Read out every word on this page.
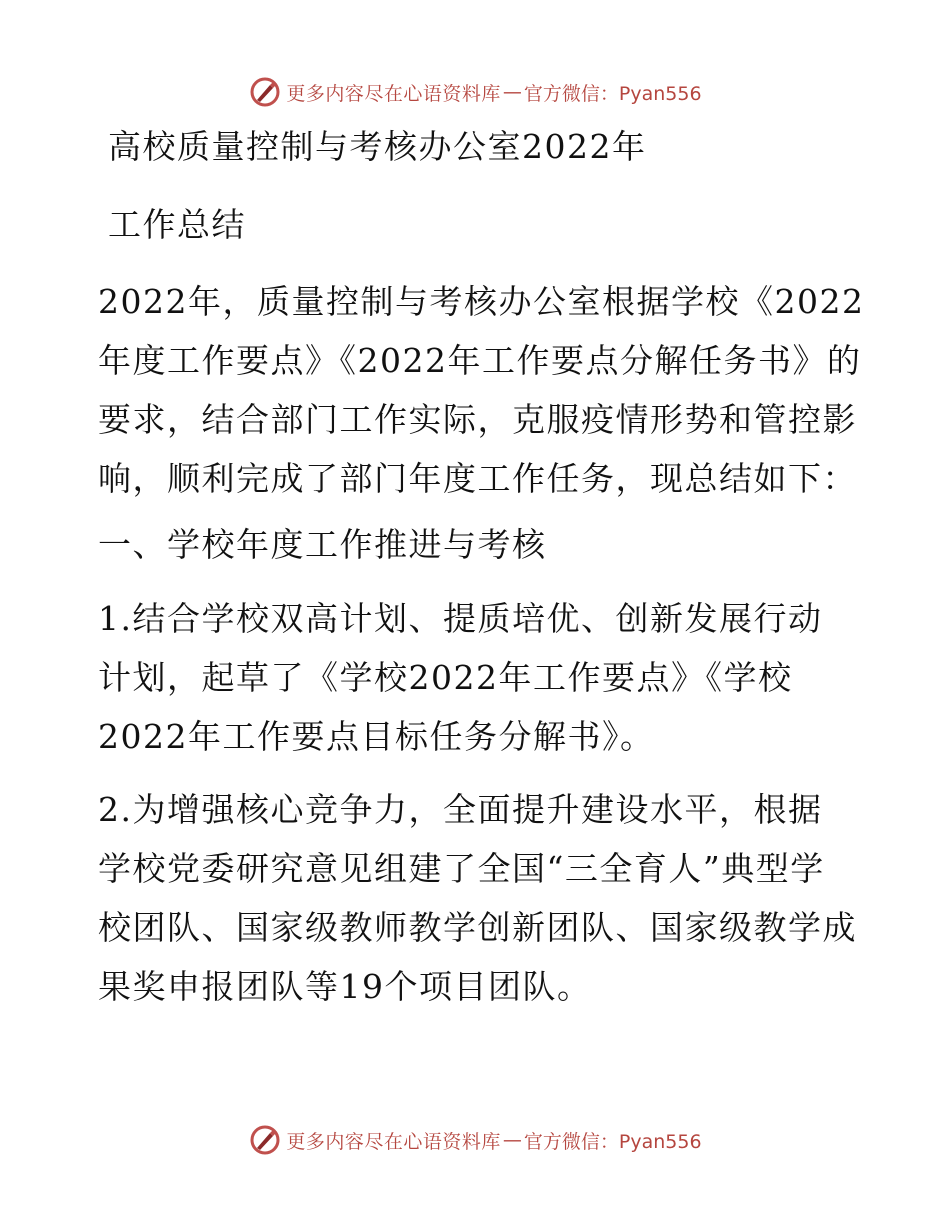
更多内容尽在心语资料库 — 官方微信：Pyan556

高校质量控制与考核办公室2022年

工作总结

2022年，质量控制与考核办公室根据学校《2022

年度工作要点》《2022年工作要点分解任务书》的

要求，结合部门工作实际，克服疫情形势和管控影

响，顺利完成了部门年度工作任务，现总结如下：

一、学校年度工作推进与考核

1.结合学校双高计划、提质培优、创新发展行动

计划，起草了《学校2022年工作要点》《学校

2022年工作要点目标任务分解书》。

2.为增强核心竞争力，全面提升建设水平，根据

学校党委研究意见组建了全国“三全育人”典型学

校团队、国家级教师教学创新团队、国家级教学成

果奖申报团队等19个项目团队。

更多内容尽在心语资料库 — 官方微信：Pyan556
